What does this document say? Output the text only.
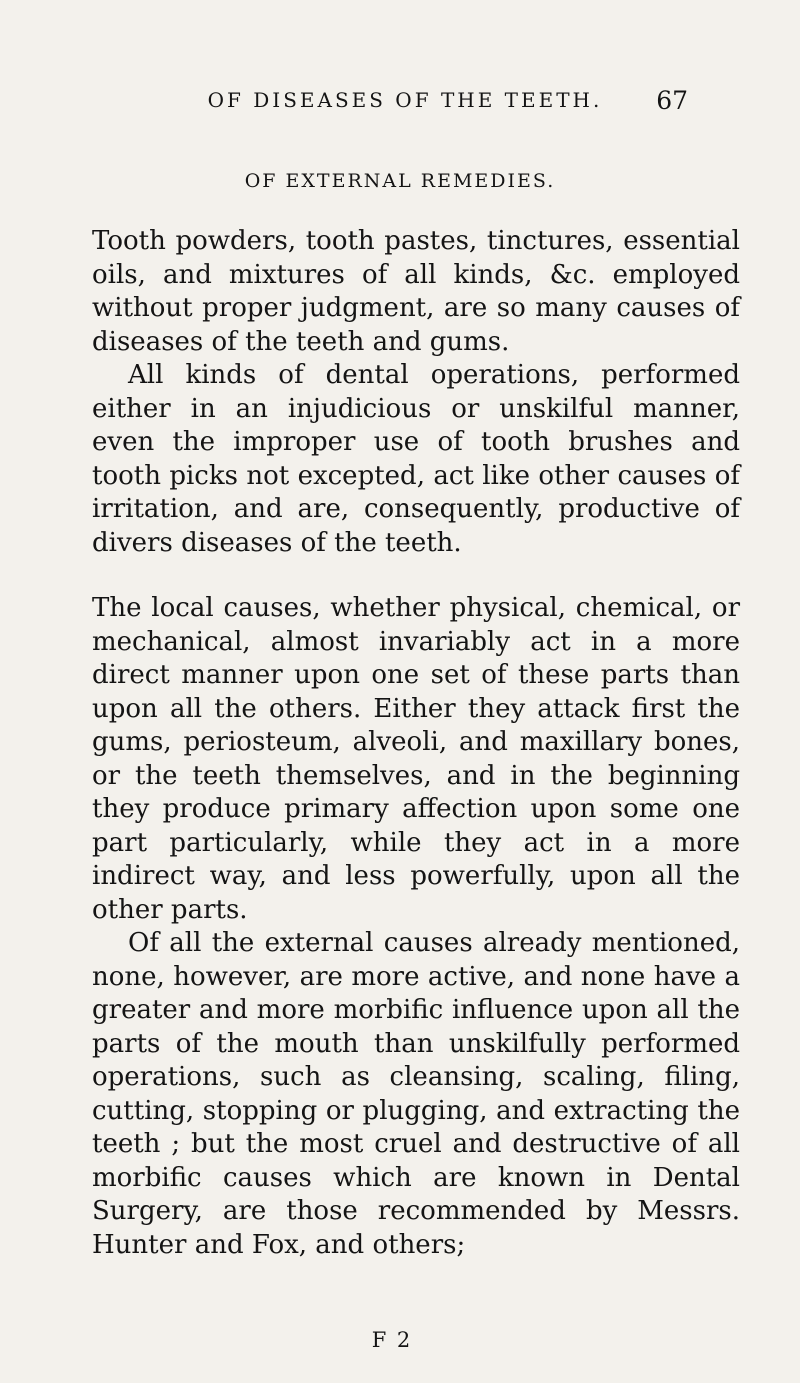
OF DISEASES OF THE TEETH.	67
OF EXTERNAL REMEDIES.

Tooth powders, tooth pastes, tinctures, essential oils, and mixtures of all kinds, &c. employed without proper judgment, are so many causes of diseases of the teeth and gums.

All kinds of dental operations, performed either in an injudicious or unskilful manner, even the improper use of tooth brushes and tooth picks not excepted, act like other causes of irritation, and are, consequently, productive of divers diseases of the teeth.

The local causes, whether physical, chemical, or mechanical, almost invariably act in a more direct manner upon one set of these parts than upon all the others. Either they attack first the gums, periosteum, alveoli, and maxillary bones, or the teeth themselves, and in the beginning they produce primary affection upon some one part particularly, while they act in a more indirect way, and less powerfully, upon all the other parts.

Of all the external causes already mentioned, none, however, are more active, and none have a greater and more morbific influence upon all the parts of the mouth than unskilfully performed operations, such as cleansing, scaling, filing, cutting, stopping or plugging, and extracting the teeth ; but the most cruel and destructive of all morbific causes which are known in Dental Surgery, are those recommended by Messrs. Hunter and Fox, and others;

F 2
